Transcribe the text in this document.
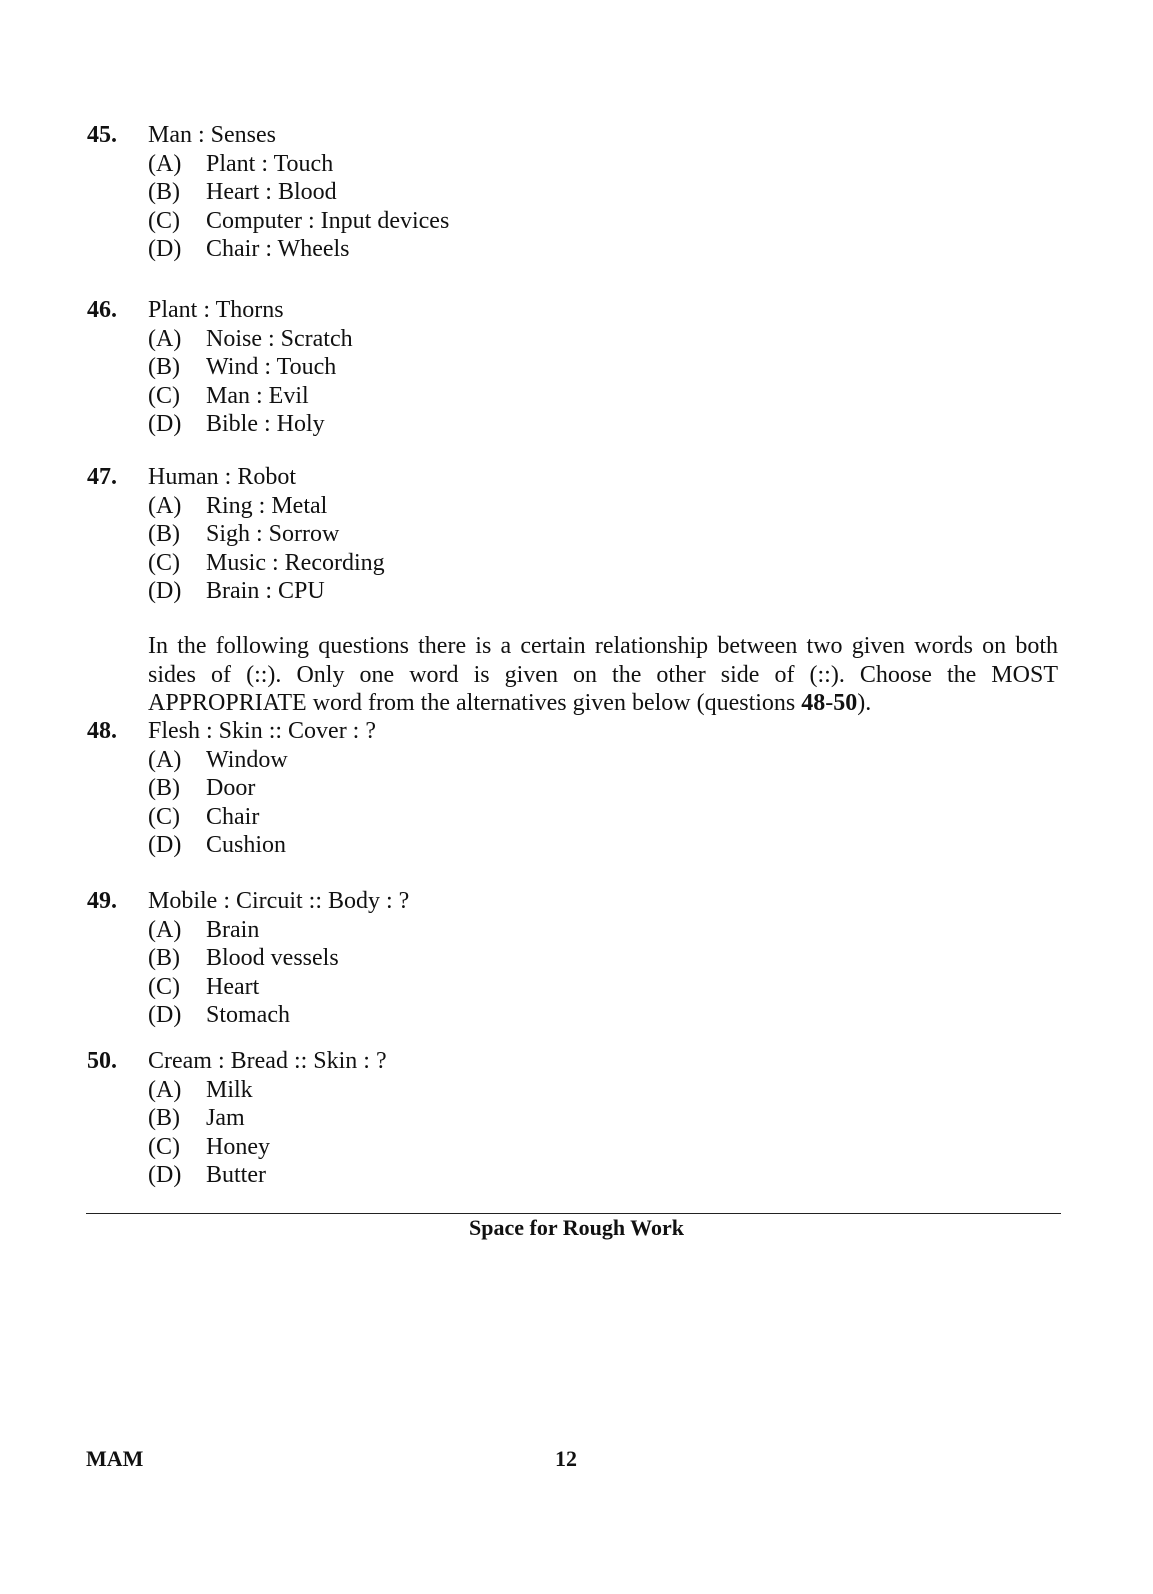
45.	Man : Senses
(A)	Plant : Touch
(B)	Heart : Blood
(C)	Computer : Input devices
(D)	Chair : Wheels
46.	Plant : Thorns
(A)	Noise : Scratch
(B)	Wind : Touch
(C)	Man : Evil
(D)	Bible : Holy
47.	Human : Robot
(A)	Ring : Metal
(B)	Sigh : Sorrow
(C)	Music : Recording
(D)	Brain : CPU
In the following questions there is a certain relationship between two given words on both sides of (::). Only one word is given on the other side of (::). Choose the MOST APPROPRIATE word from the alternatives given below (questions 48-50).
48.	Flesh : Skin :: Cover : ?
(A)	Window
(B)	Door
(C)	Chair
(D)	Cushion
49.	Mobile : Circuit :: Body : ?
(A)	Brain
(B)	Blood vessels
(C)	Heart
(D)	Stomach
50.	Cream : Bread :: Skin : ?
(A)	Milk
(B)	Jam
(C)	Honey
(D)	Butter
Space for Rough Work
MAM	12
